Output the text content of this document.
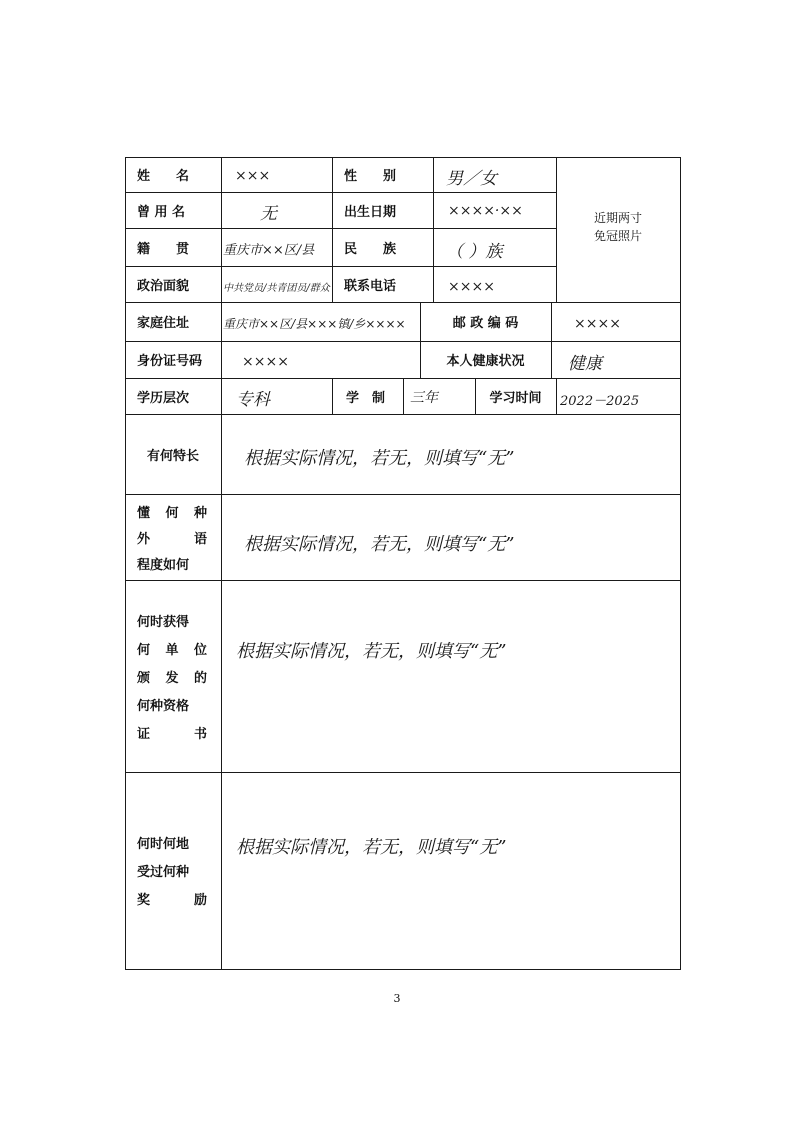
姓　　名	×××	性　　别	男／女
曾 用 名	无	出生日期	××××·××	近期两寸
免冠照片
籍　　贯	重庆市××区/县 民　　族	（ ）族
政治面貌	中共党员/共青团员/群众 联系电话	××××
家庭住址	重庆市××区/县×××镇/乡××××	邮 政 编 码	××××
身份证号码	××××	本人健康状况	健康
学历层次	专科	学　制 三年	学习时间 2022－2025
有何特长	根据实际情况，若无，则填写“无”
懂 何 种
外	语
程度如何
根据实际情况，若无，则填写“无”
何时获得
何 单 位
颁 发 的
何种资格
证	书
根据实际情况，若无，则填写“无”
何时何地
受过何种
奖	励
根据实际情况，若无，则填写“无”
3
